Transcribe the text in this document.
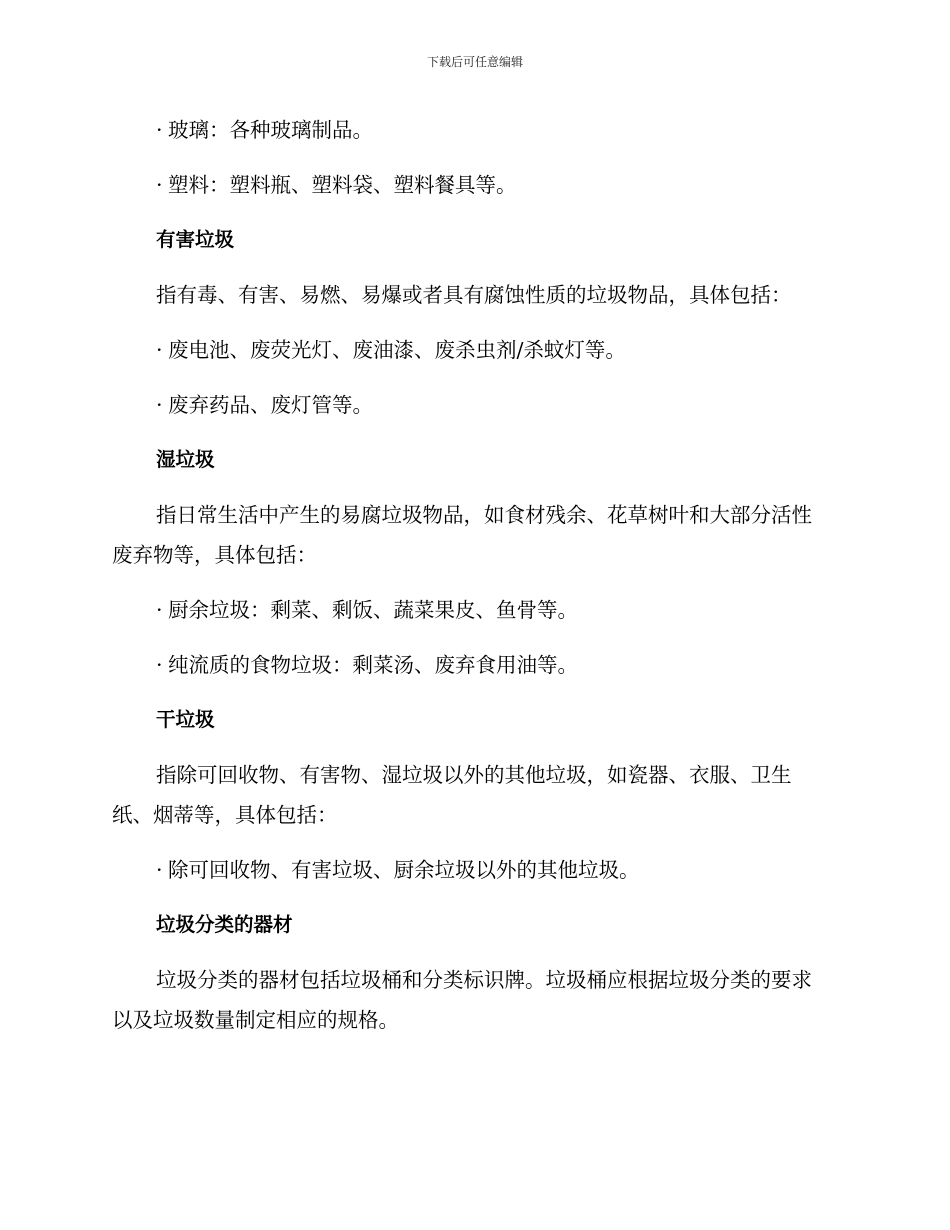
下载后可任意编辑
· 玻璃：各种玻璃制品。
· 塑料：塑料瓶、塑料袋、塑料餐具等。
有害垃圾
指有毒、有害、易燃、易爆或者具有腐蚀性质的垃圾物品，具体包括：
· 废电池、废荧光灯、废油漆、废杀虫剂/杀蚊灯等。
· 废弃药品、废灯管等。
湿垃圾
指日常生活中产生的易腐垃圾物品，如食材残余、花草树叶和大部分活性废弃物等，具体包括：
· 厨余垃圾：剩菜、剩饭、蔬菜果皮、鱼骨等。
· 纯流质的食物垃圾：剩菜汤、废弃食用油等。
干垃圾
指除可回收物、有害物、湿垃圾以外的其他垃圾，如瓷器、衣服、卫生纸、烟蒂等，具体包括：
· 除可回收物、有害垃圾、厨余垃圾以外的其他垃圾。
垃圾分类的器材
垃圾分类的器材包括垃圾桶和分类标识牌。垃圾桶应根据垃圾分类的要求以及垃圾数量制定相应的规格。
